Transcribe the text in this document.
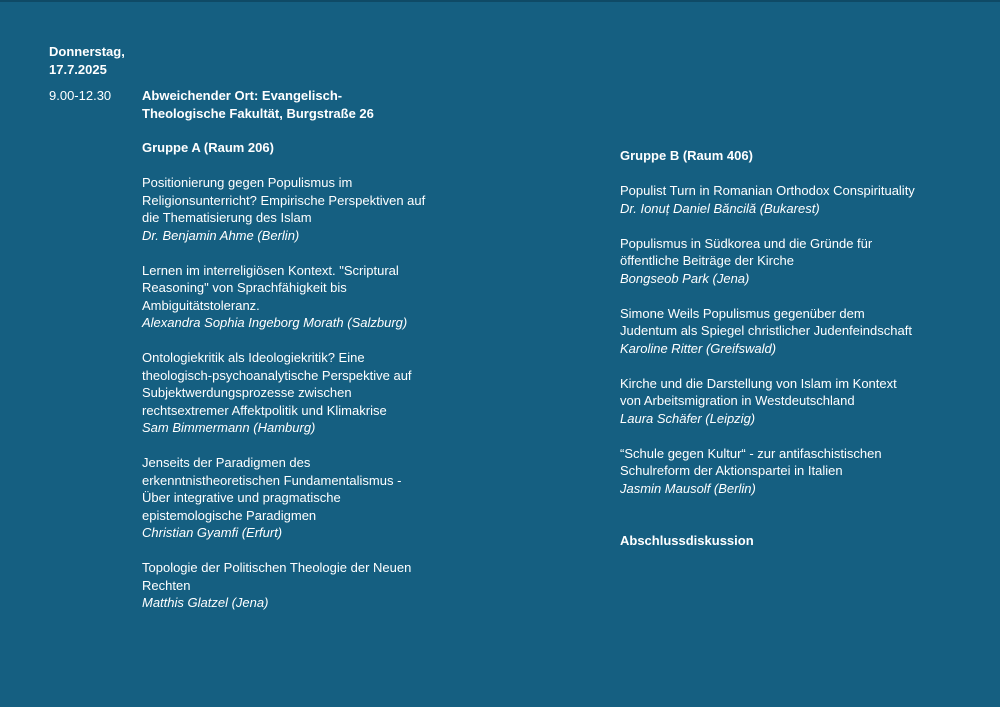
Donnerstag,
17.7.2025
9.00-12.30 Abweichender Ort: Evangelisch-Theologische Fakultät, Burgstraße 26
Gruppe A (Raum 206)
Positionierung gegen Populismus im Religionsunterricht? Empirische Perspektiven auf die Thematisierung des Islam
Dr. Benjamin Ahme (Berlin)
Lernen im interreligiösen Kontext. "Scriptural Reasoning" von Sprachfähigkeit bis Ambiguitätstoleranz.
Alexandra Sophia Ingeborg Morath (Salzburg)
Ontologiekritik als Ideologiekritik? Eine theologisch-psychoanalytische Perspektive auf Subjektwerdungsprozesse zwischen rechtsextremer Affektpolitik und Klimakrise
Sam Bimmermann (Hamburg)
Jenseits der Paradigmen des erkenntnistheoretischen Fundamentalismus - Über integrative und pragmatische epistemologische Paradigmen
Christian Gyamfi (Erfurt)
Topologie der Politischen Theologie der Neuen Rechten
Matthis Glatzel (Jena)
Gruppe B (Raum 406)
Populist Turn in Romanian Orthodox Conspirituality
Dr. Ionuț Daniel Băncilă (Bukarest)
Populismus in Südkorea und die Gründe für öffentliche Beiträge der Kirche
Bongseob Park (Jena)
Simone Weils Populismus gegenüber dem Judentum als Spiegel christlicher Judenfeindschaft
Karoline Ritter (Greifswald)
Kirche und die Darstellung von Islam im Kontext von Arbeitsmigration in Westdeutschland
Laura Schäfer (Leipzig)
“Schule gegen Kultur“ - zur antifaschistischen Schulreform der Aktionspartei in Italien
Jasmin Mausolf (Berlin)
Abschlussdiskussion
